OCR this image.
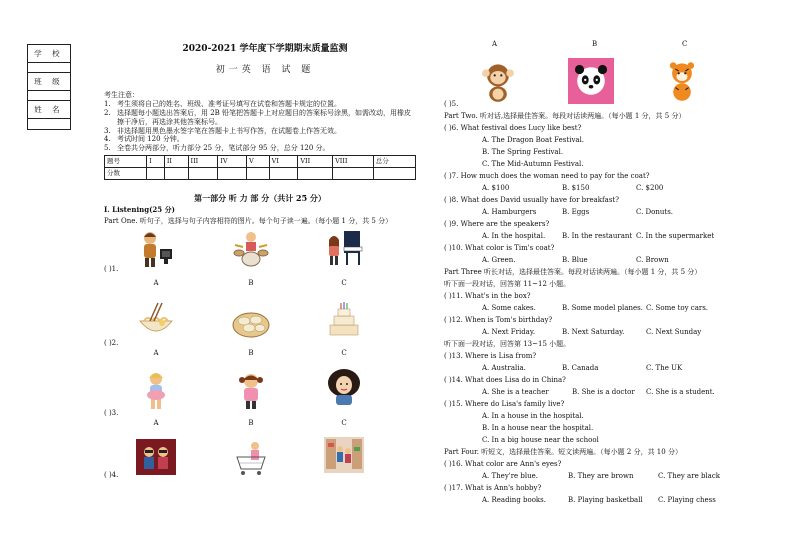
学 校
班 级
姓 名
2020-2021 学年度下学期期末质量监测
初一英 语 试 题
考生注意：
1. 考生须将自己的姓名、班级、准考证号填写在试卷和答题卡规定的位置。
2. 选择题每小题选出答案后，用 2B 铅笔把答题卡上对应题目的答案标号涂黑，如需改动，用橡皮擦干净后，再选涂其他答案标号。
3. 非选择题用黑色墨水签字笔在答题卡上书写作答，在试题卷上作答无效。
4. 考试时间 120 分钟。
5. 全卷共分两部分，听力部分 25 分，笔试部分 95 分，总分 120 分。
题号	I	II	III	IV	V	VI	VII	VIII	总分
分数									
第一部分 听 力 部 分（共计 25 分）
I. Listening(25 分)
Part One. 听句子，选择与句子内容相符的图片。每个句子读一遍。（每小题 1 分，共 5 分）
( )1.
A	B	C
( )2.
A	B	C
( )3.
A	B	C
( )4.
A	B	C
( )5.
Part Two. 听对话,选择最佳答案。每段对话读两遍。（每小题 1 分，共 5 分）
( )6. What festival does Lucy like best?
A. The Dragon Boat Festival.
B. The Spring Festival.
C. The Mid-Autumn Festival.
( )7. How much does the woman need to pay for the coat?
A. $100	B. $150	C. $200
( )8. What does David usually have for breakfast?
A. Hamburgers	B. Eggs	C. Donuts.
( )9. Where are the speakers?
A. In the hospital. B. In the restaurant C. In the supermarket
( )10. What color is Tim's coat?
A. Green.	B. Blue	C. Brown
Part Three 听长对话，选择最佳答案。每段对话读两遍。（每小题 1 分，共 5 分）
听下面一段对话，回答第 11~12 小题。
( )11. What's in the box?
A. Some cakes.	B. Some model planes. C. Some toy cars.
( )12. When is Tom's birthday?
A. Next Friday.	B. Next Saturday.	C. Next Sunday
听下面一段对话，回答第 13~15 小题。
( )13. Where is Lisa from?
A. Australia.	B. Canada	C. The UK
( )14. What does Lisa do in China?
A. She is a teacher	B. She is a doctor C. She is a student.
( )15. Where do Lisa's family live?
A. In a house in the hospital.
B. In a house near the hospital.
C. In a big house near the school
Part Four. 听短文，选择最佳答案。短文读两遍。（每小题 2 分，共 10 分）
( )16. What color are Ann's eyes?
A. They're blue.	B. They are brown	C. They are black
( )17. What is Ann's hobby?
A. Reading books.	B. Playing basketball C. Playing chess
